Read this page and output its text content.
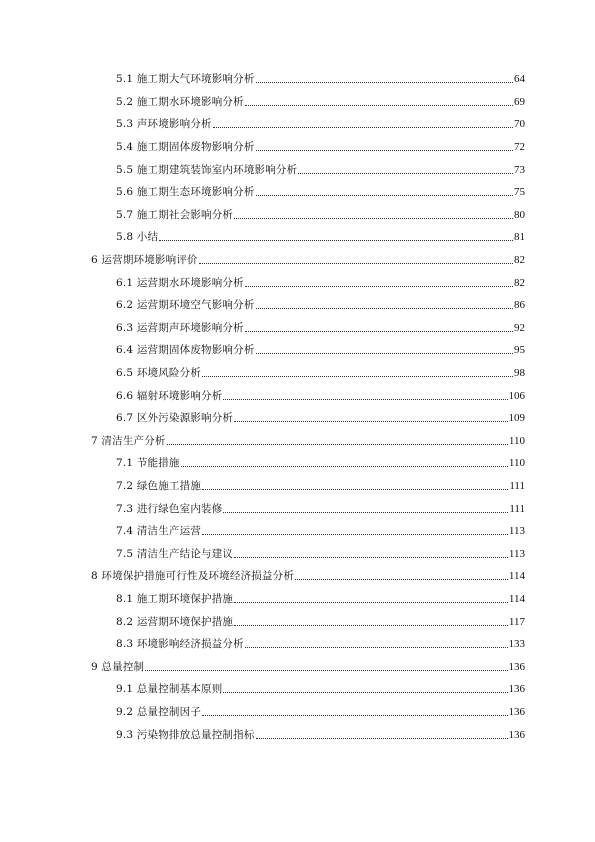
5.1 施工期大气环境影响分析	64
5.2 施工期水环境影响分析	69
5.3 声环境影响分析	70
5.4 施工期固体废物影响分析	72
5.5 施工期建筑装饰室内环境影响分析	73
5.6 施工期生态环境影响分析	75
5.7 施工期社会影响分析	80
5.8 小结	81
6 运营期环境影响评价	82
6.1 运营期水环境影响分析	82
6.2 运营期环境空气影响分析	86
6.3 运营期声环境影响分析	92
6.4 运营期固体废物影响分析	95
6.5 环境风险分析	98
6.6 辐射环境影响分析	106
6.7 区外污染源影响分析	109
7 清洁生产分析	110
7.1 节能措施	110
7.2 绿色施工措施	111
7.3 进行绿色室内装修	111
7.4 清洁生产运营	113
7.5 清洁生产结论与建议	113
8 环境保护措施可行性及环境经济损益分析	114
8.1 施工期环境保护措施	114
8.2 运营期环境保护措施	117
8.3 环境影响经济损益分析	133
9 总量控制	136
9.1 总量控制基本原则	136
9.2 总量控制因子	136
9.3 污染物排放总量控制指标	136
